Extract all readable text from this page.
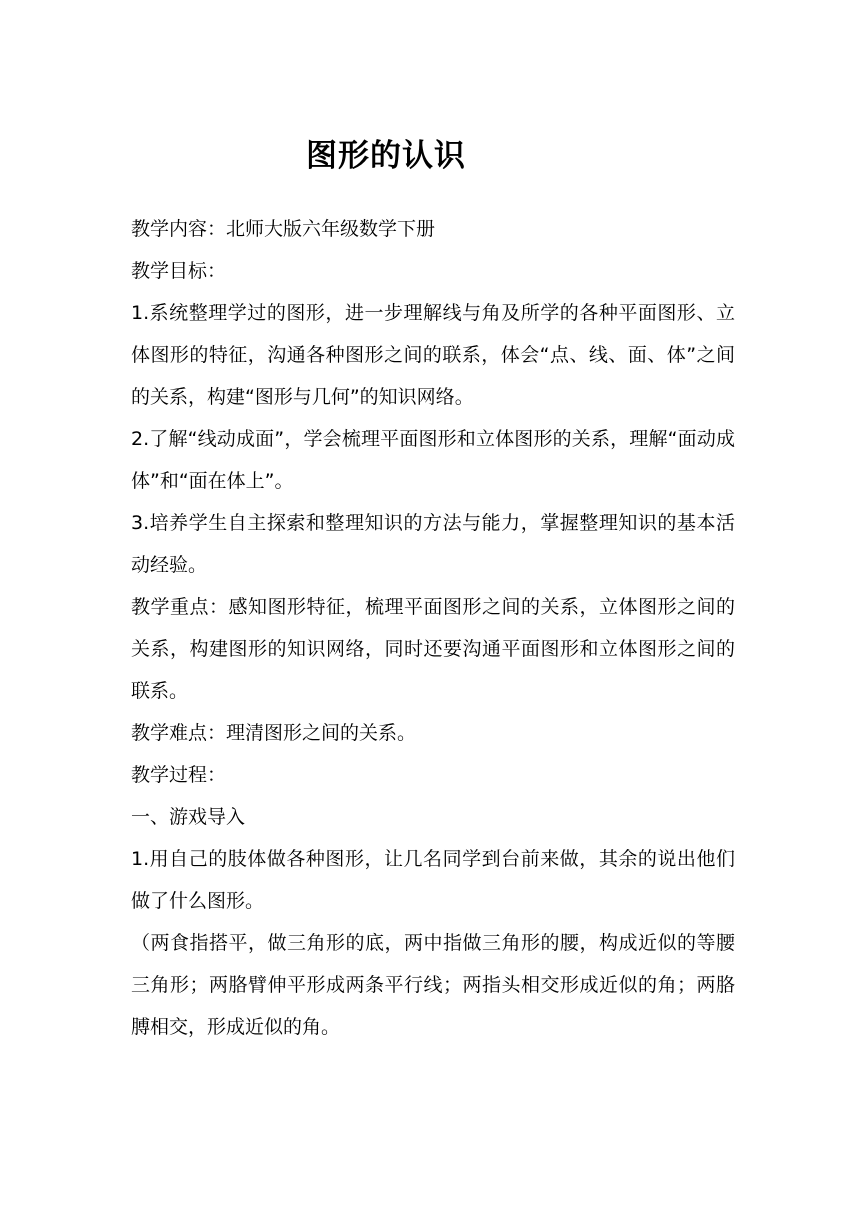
图形的认识

教学内容：北师大版六年级数学下册

教学目标：

1.系统整理学过的图形，进一步理解线与角及所学的各种平面图形、立体图形的特征，沟通各种图形之间的联系，体会“点、线、面、体”之间的关系，构建“图形与几何”的知识网络。

2.了解“线动成面”，学会梳理平面图形和立体图形的关系，理解“面动成体”和“面在体上”。

3.培养学生自主探索和整理知识的方法与能力，掌握整理知识的基本活动经验。

教学重点：感知图形特征，梳理平面图形之间的关系，立体图形之间的关系，构建图形的知识网络，同时还要沟通平面图形和立体图形之间的联系。

教学难点：理清图形之间的关系。

教学过程：

一、游戏导入

1.用自己的肢体做各种图形，让几名同学到台前来做，其余的说出他们做了什么图形。

（两食指搭平，做三角形的底，两中指做三角形的腰，构成近似的等腰三角形；两胳臂伸平形成两条平行线；两指头相交形成近似的角；两胳膊相交，形成近似的角。
